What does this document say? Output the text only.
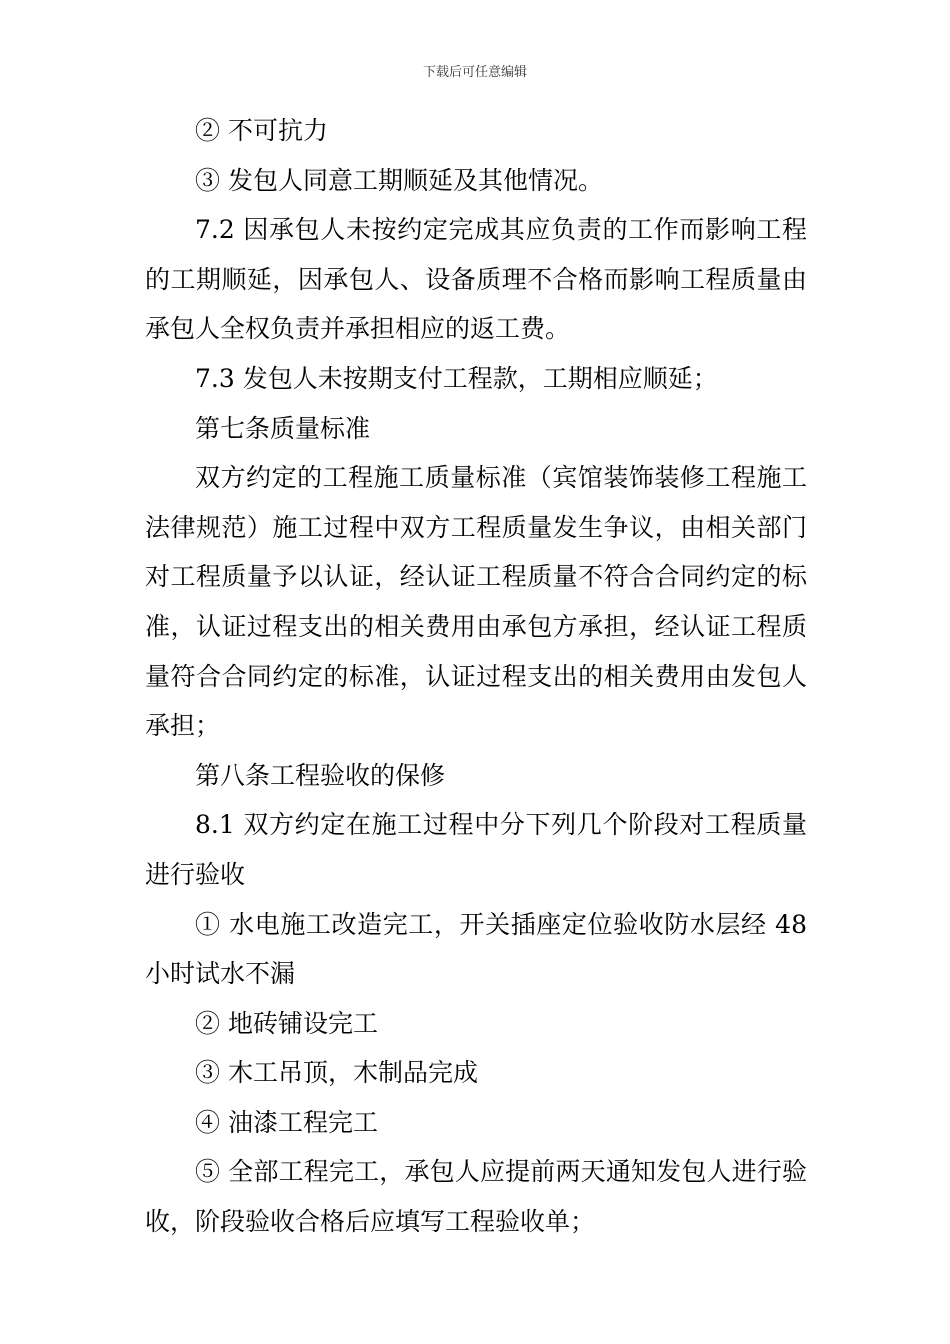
下载后可任意编辑

② 不可抗力

③ 发包人同意工期顺延及其他情况。

7.2 因承包人未按约定完成其应负责的工作而影响工程的工期顺延，因承包人、设备质理不合格而影响工程质量由承包人全权负责并承担相应的返工费。

7.3 发包人未按期支付工程款，工期相应顺延；

第七条质量标准

双方约定的工程施工质量标准（宾馆装饰装修工程施工法律规范）施工过程中双方工程质量发生争议，由相关部门对工程质量予以认证，经认证工程质量不符合合同约定的标准，认证过程支出的相关费用由承包方承担，经认证工程质量符合合同约定的标准，认证过程支出的相关费用由发包人承担；

第八条工程验收的保修

8.1 双方约定在施工过程中分下列几个阶段对工程质量进行验收

① 水电施工改造完工，开关插座定位验收防水层经 48 小时试水不漏

② 地砖铺设完工

③ 木工吊顶，木制品完成

④ 油漆工程完工

⑤ 全部工程完工，承包人应提前两天通知发包人进行验收，阶段验收合格后应填写工程验收单；
